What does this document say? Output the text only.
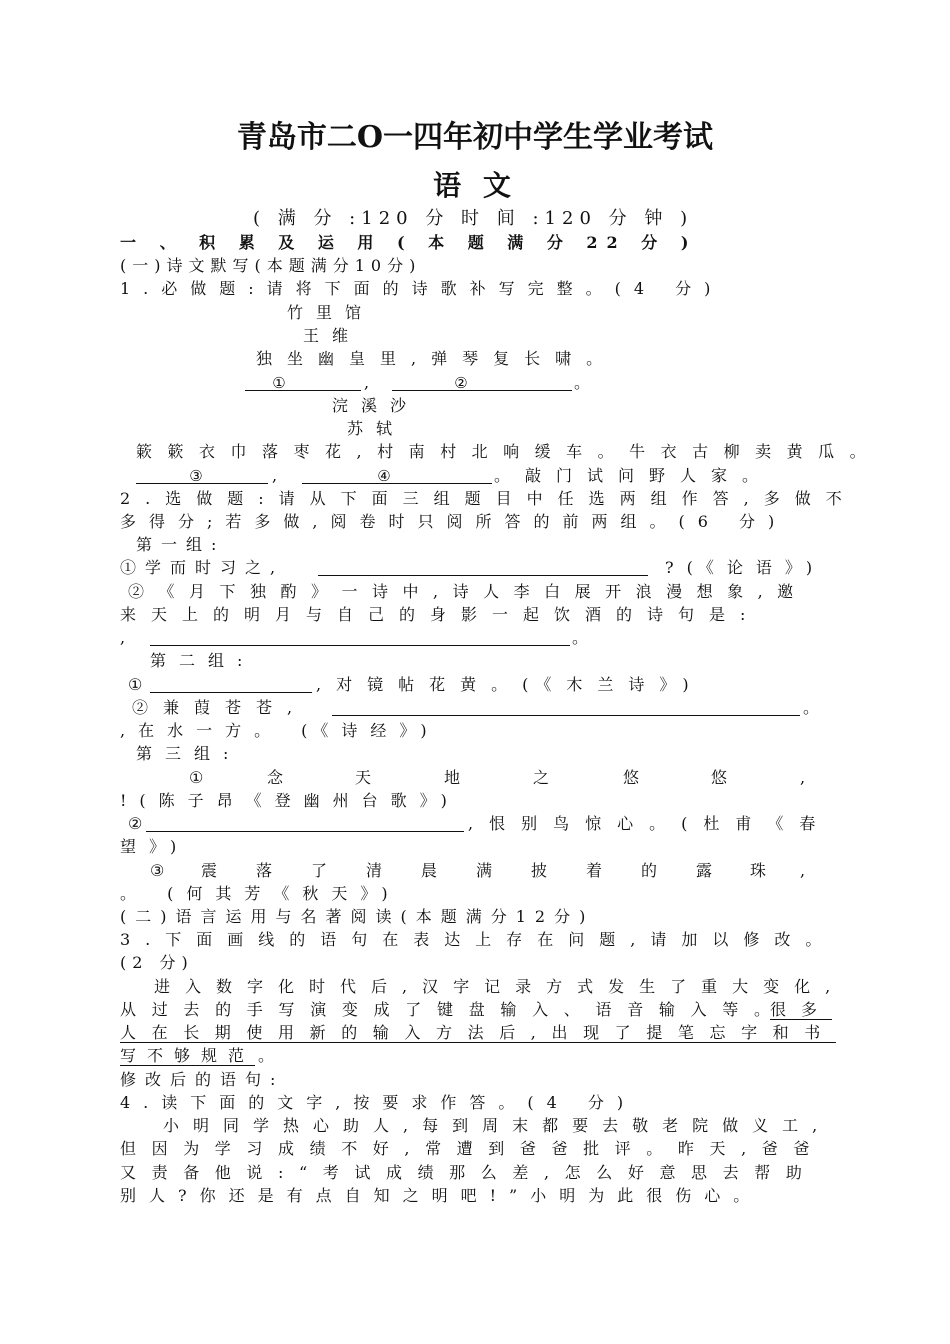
青岛市二O一四年初中学生学业考试
语 文
( 满 分 :120 分 时 间 :120 分 钟 )
一 、 积 累 及 运 用 ( 本 题 满 分 22 分 )
(一)诗文默写(本题满分10分)
1.必做题:请将下面的诗歌补写完整。(4 分)
竹里馆
王维
独坐幽皇里,弹琴复长啸。
①	,	②	。
浣溪沙
苏轼
簌簌衣巾落枣花,村南村北响缓车。牛衣古柳卖黄瓜。
③	,	④	。敲门试问野人家。
2.选做题:请从下面三组题目中任选两组作答,多做不
多得分;若多做,阅卷时只阅所答的前两组。(6 分)
第一组:
①学而时习之,	?(《论语》)
②《月下独酌》一诗中,诗人李白展开浪漫想象,邀
来天上的明月与自己的身影一起饮酒的诗句是:
,	。
第二组:
①	,对镜帖花黄。(《木兰诗》)
②兼葭苍苍,	。
,在水一方。 (《诗经》)
第三组:
①	念	天	地	之	悠	悠	,
!(陈子昂《登幽州台歌》)
②	,恨别鸟惊心。(杜甫《春
望》)
③ 震 落 了 清 晨 满 披 着 的 露 珠 ,
。 (何其芳《秋天》)
(二)语言运用与名著阅读(本题满分12分)
3.下面画线的语句在表达上存在问题,请加以修改。
(2 分)
进入数字化时代后,汉字记录方式发生了重大变化,
从过去的手写演变成了键盘输入、语音输入等。
很多
人在长期使用新的输入方法后,出现了提笔忘字和书
写不够规范 。
修改后的语句:
4.读下面的文字,按要求作答。(4 分)
小明同学热心助人,每到周末都要去敬老院做义工,
但因为学习成绩不好,常遭到爸爸批评。昨天,爸爸
又责备他说:“考试成绩那么差,怎么好意思去帮助
别人?你还是有点自知之明吧!”小明为此很伤心。
